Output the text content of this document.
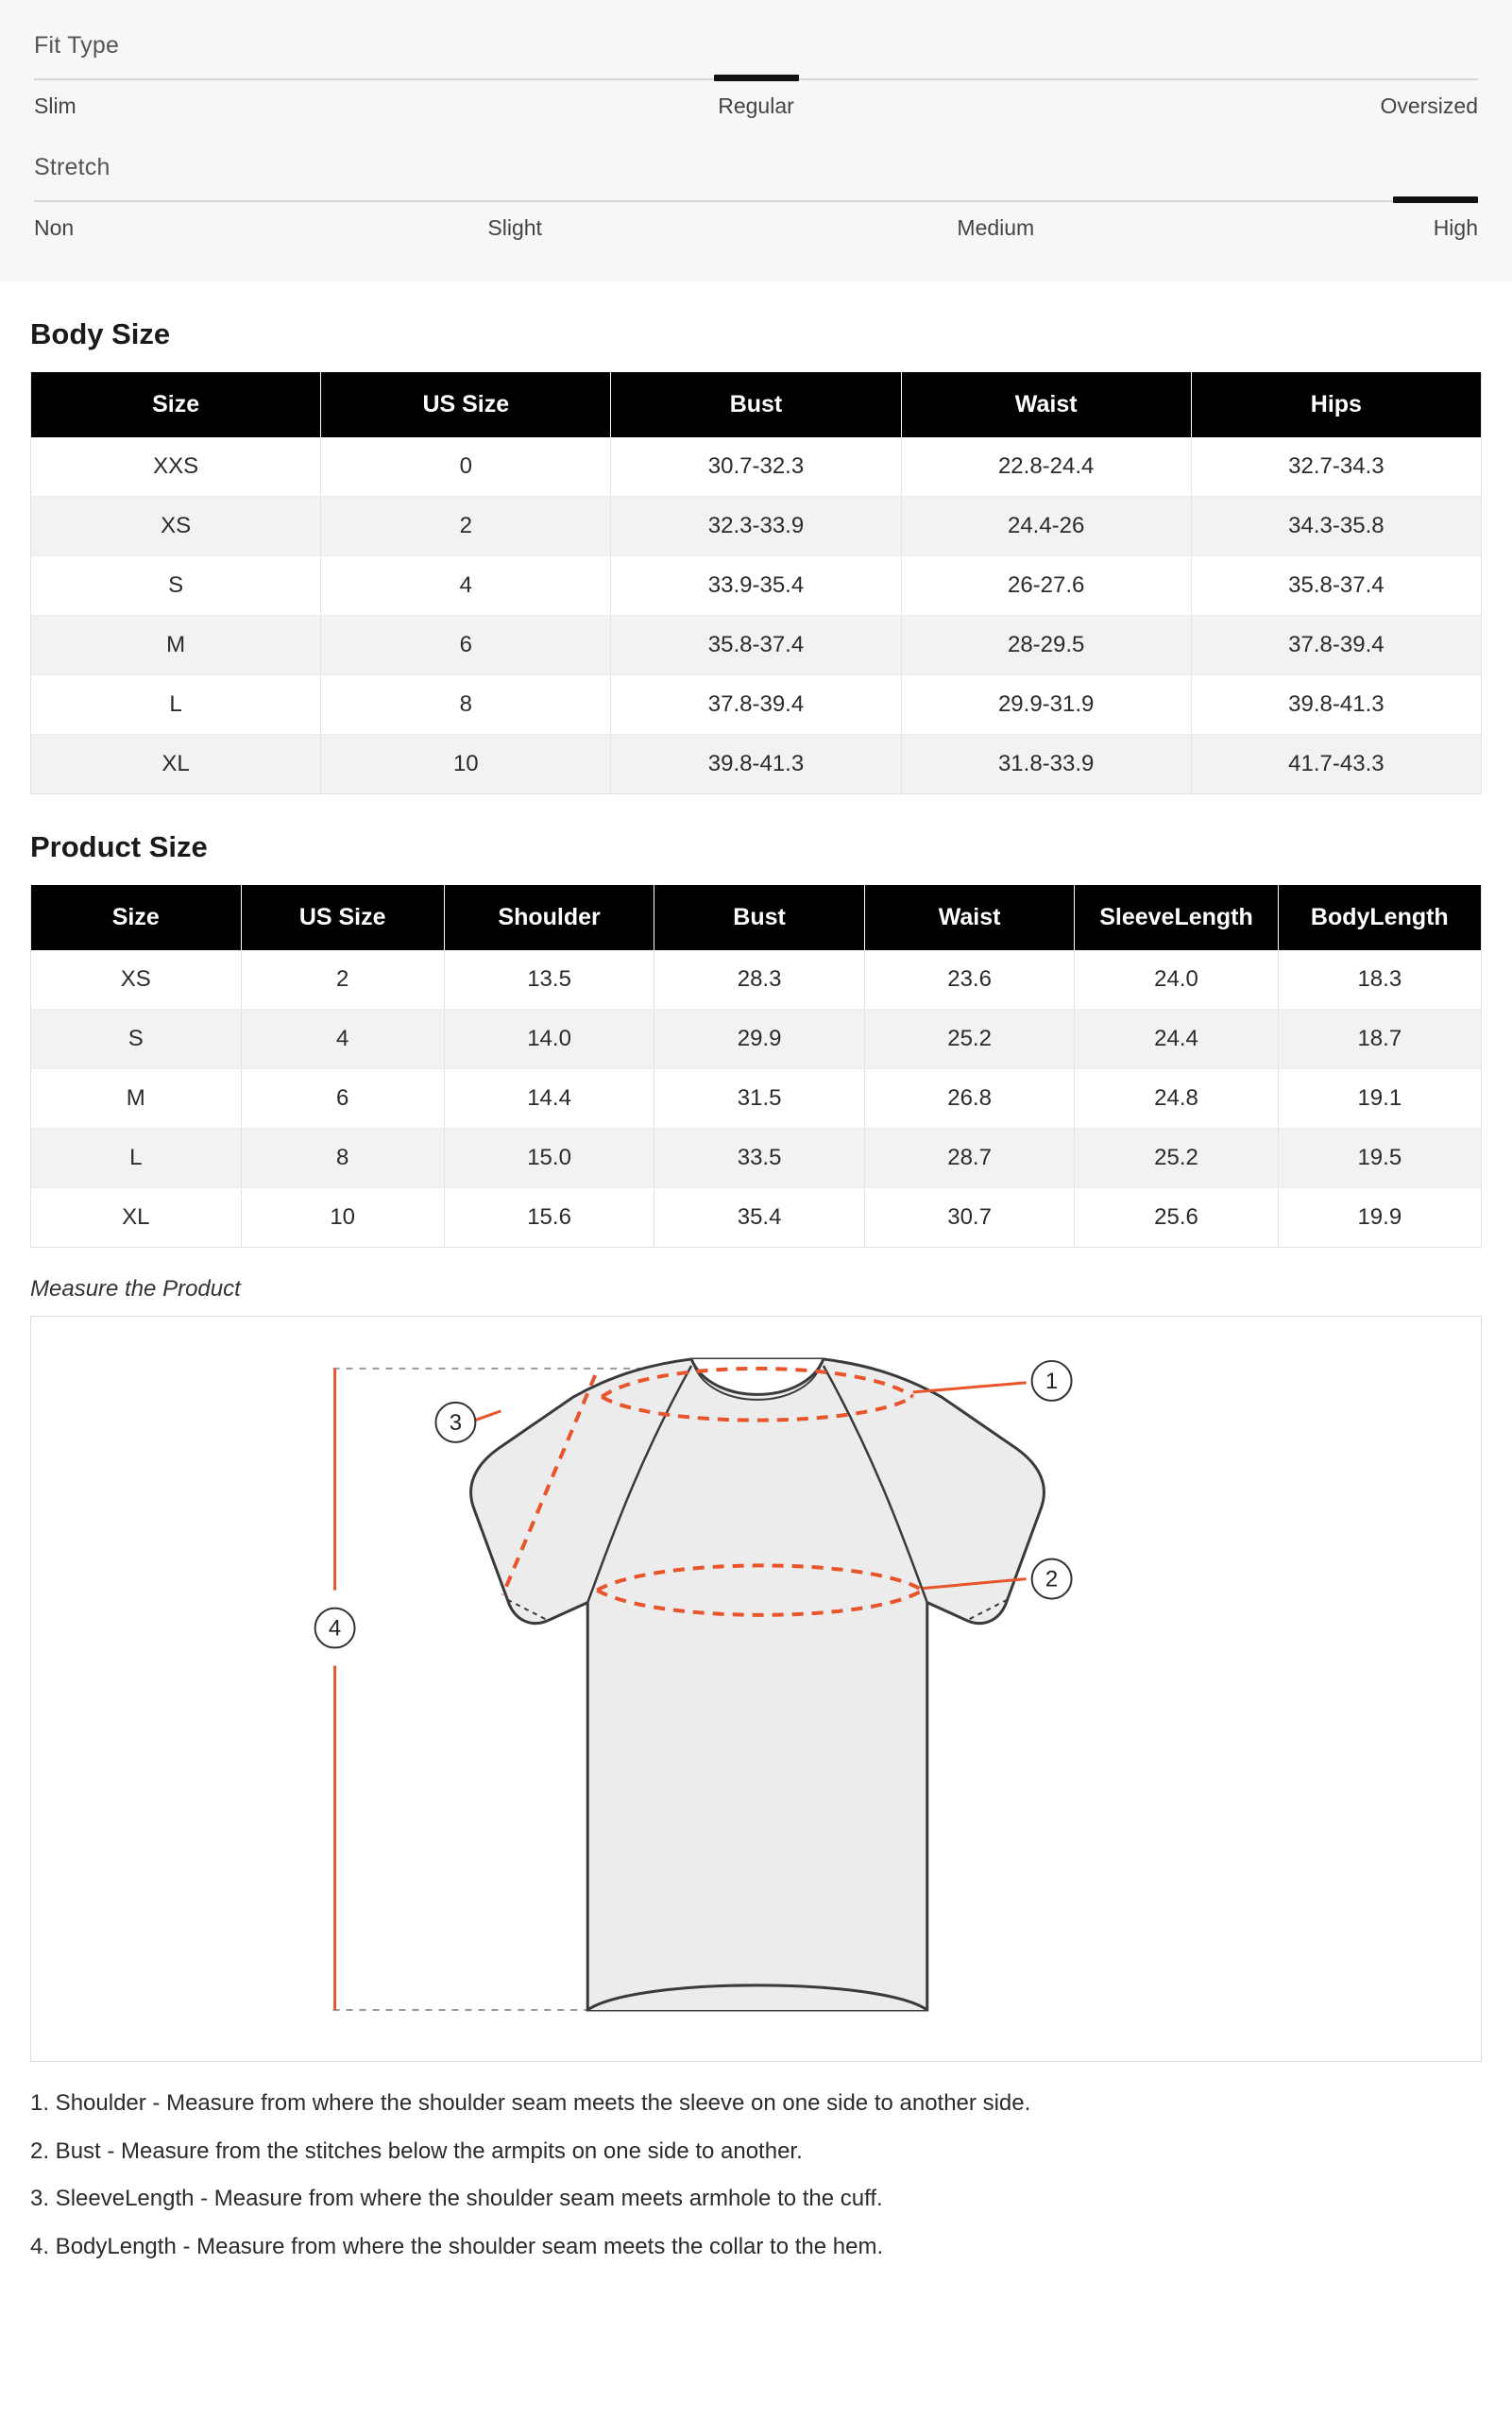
Fit Type
Slim	Regular	Oversized
Stretch
Non	Slight	Medium	High
Body Size
Size	US Size	Bust	Waist	Hips
XXS	0	30.7-32.3	22.8-24.4	32.7-34.3
XS	2	32.3-33.9	24.4-26	34.3-35.8
S	4	33.9-35.4	26-27.6	35.8-37.4
M	6	35.8-37.4	28-29.5	37.8-39.4
L	8	37.8-39.4	29.9-31.9	39.8-41.3
XL	10	39.8-41.3	31.8-33.9	41.7-43.3
Product Size
Size	US Size	Shoulder	Bust	Waist	SleeveLength	BodyLength
XS	2	13.5	28.3	23.6	24.0	18.3
S	4	14.0	29.9	25.2	24.4	18.7
M	6	14.4	31.5	26.8	24.8	19.1
L	8	15.0	33.5	28.7	25.2	19.5
XL	10	15.6	35.4	30.7	25.6	19.9
Measure the Product
1
2
3
4

1. Shoulder - Measure from where the shoulder seam meets the sleeve on one side to another side.

2. Bust - Measure from the stitches below the armpits on one side to another.

3. SleeveLength - Measure from where the shoulder seam meets armhole to the cuff.

4. BodyLength - Measure from where the shoulder seam meets the collar to the hem.
